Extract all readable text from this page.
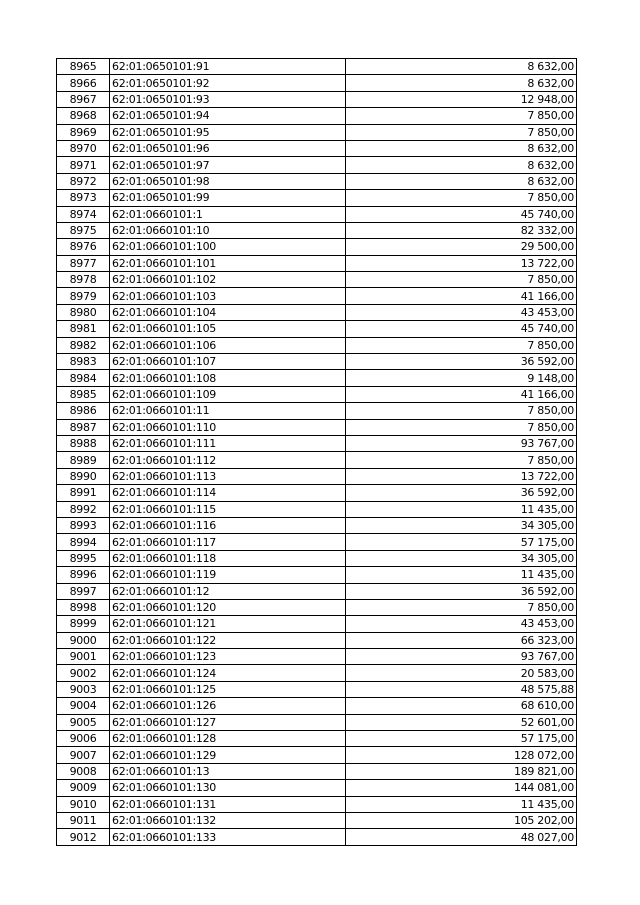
8965	62:01:0650101:91	8 632,00
8966	62:01:0650101:92	8 632,00
8967	62:01:0650101:93	12 948,00
8968	62:01:0650101:94	7 850,00
8969	62:01:0650101:95	7 850,00
8970	62:01:0650101:96	8 632,00
8971	62:01:0650101:97	8 632,00
8972	62:01:0650101:98	8 632,00
8973	62:01:0650101:99	7 850,00
8974	62:01:0660101:1	45 740,00
8975	62:01:0660101:10	82 332,00
8976	62:01:0660101:100	29 500,00
8977	62:01:0660101:101	13 722,00
8978	62:01:0660101:102	7 850,00
8979	62:01:0660101:103	41 166,00
8980	62:01:0660101:104	43 453,00
8981	62:01:0660101:105	45 740,00
8982	62:01:0660101:106	7 850,00
8983	62:01:0660101:107	36 592,00
8984	62:01:0660101:108	9 148,00
8985	62:01:0660101:109	41 166,00
8986	62:01:0660101:11	7 850,00
8987	62:01:0660101:110	7 850,00
8988	62:01:0660101:111	93 767,00
8989	62:01:0660101:112	7 850,00
8990	62:01:0660101:113	13 722,00
8991	62:01:0660101:114	36 592,00
8992	62:01:0660101:115	11 435,00
8993	62:01:0660101:116	34 305,00
8994	62:01:0660101:117	57 175,00
8995	62:01:0660101:118	34 305,00
8996	62:01:0660101:119	11 435,00
8997	62:01:0660101:12	36 592,00
8998	62:01:0660101:120	7 850,00
8999	62:01:0660101:121	43 453,00
9000	62:01:0660101:122	66 323,00
9001	62:01:0660101:123	93 767,00
9002	62:01:0660101:124	20 583,00
9003	62:01:0660101:125	48 575,88
9004	62:01:0660101:126	68 610,00
9005	62:01:0660101:127	52 601,00
9006	62:01:0660101:128	57 175,00
9007	62:01:0660101:129	128 072,00
9008	62:01:0660101:13	189 821,00
9009	62:01:0660101:130	144 081,00
9010	62:01:0660101:131	11 435,00
9011	62:01:0660101:132	105 202,00
9012	62:01:0660101:133	48 027,00
